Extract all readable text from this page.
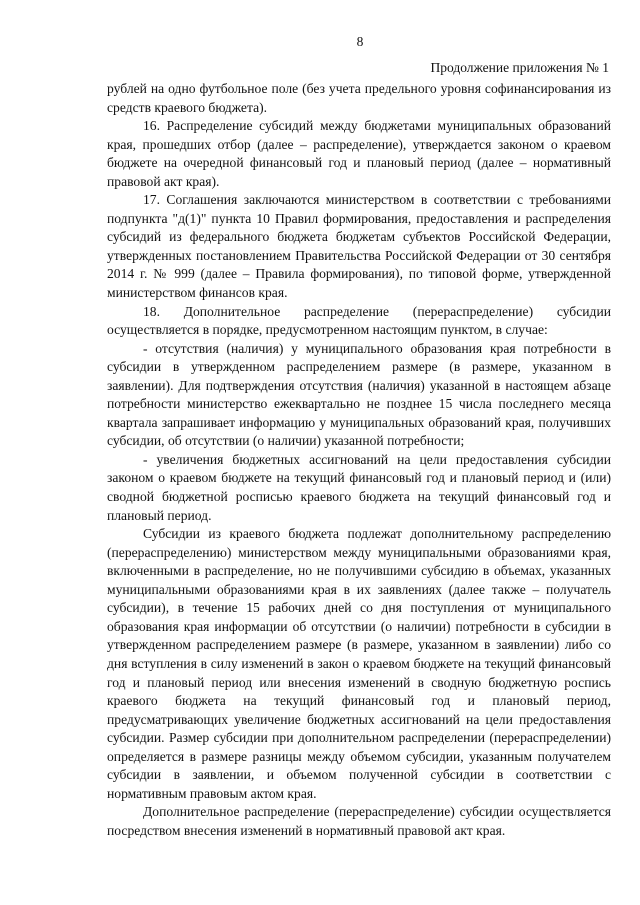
8
Продолжение приложения № 1

рублей на одно футбольное поле (без учета предельного уровня софинансирования из средств краевого бюджета).

16. Распределение субсидий между бюджетами муниципальных образований края, прошедших отбор (далее – распределение), утверждается законом о краевом бюджете на очередной финансовый год и плановый период (далее – нормативный правовой акт края).

17. Соглашения заключаются министерством в соответствии с требованиями подпункта "д(1)" пункта 10 Правил формирования, предоставления и распределения субсидий из федерального бюджета бюджетам субъектов Российской Федерации, утвержденных постановлением Правительства Российской Федерации от 30 сентября 2014 г. № 999 (далее – Правила формирования), по типовой форме, утвержденной министерством финансов края.

18. Дополнительное распределение (перераспределение) субсидии осуществляется в порядке, предусмотренном настоящим пунктом, в случае:

- отсутствия (наличия) у муниципального образования края потребности в субсидии в утвержденном распределением размере (в размере, указанном в заявлении). Для подтверждения отсутствия (наличия) указанной в настоящем абзаце потребности министерство ежеквартально не позднее 15 числа последнего месяца квартала запрашивает информацию у муниципальных образований края, получивших субсидии, об отсутствии (о наличии) указанной потребности;

- увеличения бюджетных ассигнований на цели предоставления субсидии законом о краевом бюджете на текущий финансовый год и плановый период и (или) сводной бюджетной росписью краевого бюджета на текущий финансовый год и плановый период.

Субсидии из краевого бюджета подлежат дополнительному распределению (перераспределению) министерством между муниципальными образованиями края, включенными в распределение, но не получившими субсидию в объемах, указанных муниципальными образованиями края в их заявлениях (далее также – получатель субсидии), в течение 15 рабочих дней со дня поступления от муниципального образования края информации об отсутствии (о наличии) потребности в субсидии в утвержденном распределением размере (в размере, указанном в заявлении) либо со дня вступления в силу изменений в закон о краевом бюджете на текущий финансовый год и плановый период или внесения изменений в сводную бюджетную роспись краевого бюджета на текущий финансовый год и плановый период, предусматривающих увеличение бюджетных ассигнований на цели предоставления субсидии. Размер субсидии при дополнительном распределении (перераспределении) определяется в размере разницы между объемом субсидии, указанным получателем субсидии в заявлении, и объемом полученной субсидии в соответствии с нормативным правовым актом края.

Дополнительное распределение (перераспределение) субсидии осуществляется посредством внесения изменений в нормативный правовой акт края.
